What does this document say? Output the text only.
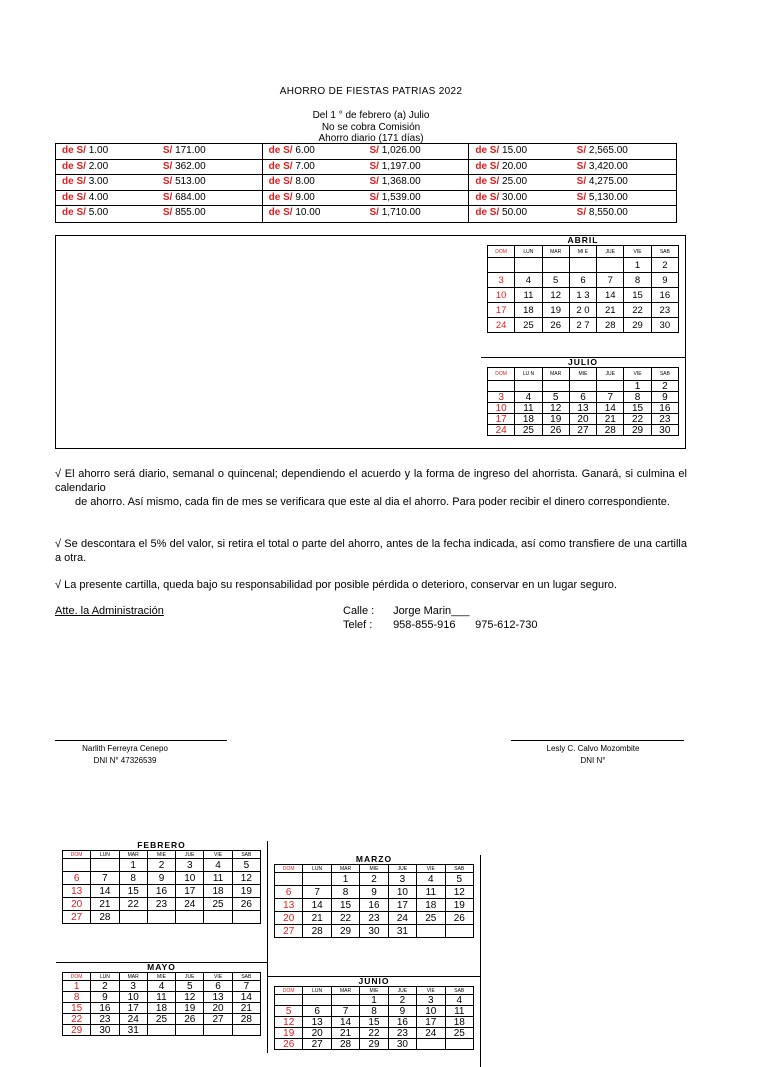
AHORRO DE FIESTAS PATRIAS 2022
Del 1 ° de febrero (a) Julio
No se cobra Comisión
Ahorro diario (171 días)
de S/ 1.00	S/ 171.00	de S/ 6.00	S/ 1,026.00	de S/ 15.00	S/ 2,565.00
de S/ 2.00	S/ 362.00	de S/ 7.00	S/ 1,197.00	de S/ 20.00	S/ 3,420.00
de S/ 3.00	S/ 513.00	de S/ 8.00	S/ 1,368.00	de S/ 25.00	S/ 4,275.00
de S/ 4.00	S/ 684.00	de S/ 9.00	S/ 1,539.00	de S/ 30.00	S/ 5,130.00
de S/ 5.00	S/ 855.00	de S/ 10.00	S/ 1,710.00	de S/ 50.00	S/ 8,550.00
FEBRERO
DOM	LUN	MAR	MIE	JUE	VIE	SAB
		1	2	3	4	5
6	7	8	9	10	11	12
13	14	15	16	17	18	19
20	21	22	23	24	25	26
27	28					
MARZO
DOM	LUN	MAR	MIE	JUE	VIE	SAB
		1	2	3	4	5
6	7	8	9	10	11	12
13	14	15	16	17	18	19
20	21	22	23	24	25	26
27	28	29	30	31		
ABRIL
DOM	LUN	MAR	MI E	JUE	VIE	SAB
					1	2
3	4	5	6	7	8	9
10	11	12	1 3	14	15	16
17	18	19	2 0	21	22	23
24	25	26	2 7	28	29	30
MAYO
DOM	LUN	MAR	MIE	JUE	VIE	SAB
1	2	3	4	5	6	7
8	9	10	11	12	13	14
15	16	17	18	19	20	21
22	23	24	25	26	27	28
29	30	31				
JUNIO
DOM	LUN	MAR	MIE	JUE	VIE	SAB
			1	2	3	4
5	6	7	8	9	10	11
12	13	14	15	16	17	18
19	20	21	22	23	24	25
26	27	28	29	30		
JULIO
DOM	LU N	MAR	MIE	JUE	VIE	SAB
					1	2
3	4	5	6	7	8	9
10	11	12	13	14	15	16
17	18	19	20	21	22	23
24	25	26	27	28	29	30
√ El ahorro será diario, semanal o quincenal; dependiendo el acuerdo y la forma de ingreso del ahorrista. Ganará, si culmina el calendario
de ahorro. Así mismo, cada fin de mes se verificara que este al dia el ahorro. Para poder recibir el dinero correspondiente.
√ Se descontara el 5% del valor, si retira el total o parte del ahorro, antes de la fecha indicada, así como transfiere de una cartilla a otra.
√ La presente cartilla, queda bajo su responsabilidad por posible pérdida o deterioro, conservar en un lugar seguro.
Atte. la Administración	Calle : Jorge Marin___
Telef : 958-855-916 975-612-730
Narlith Ferreyra Cenepo
DNI N° 47326539
Lesly C. Calvo Mozombite
DNI N°
